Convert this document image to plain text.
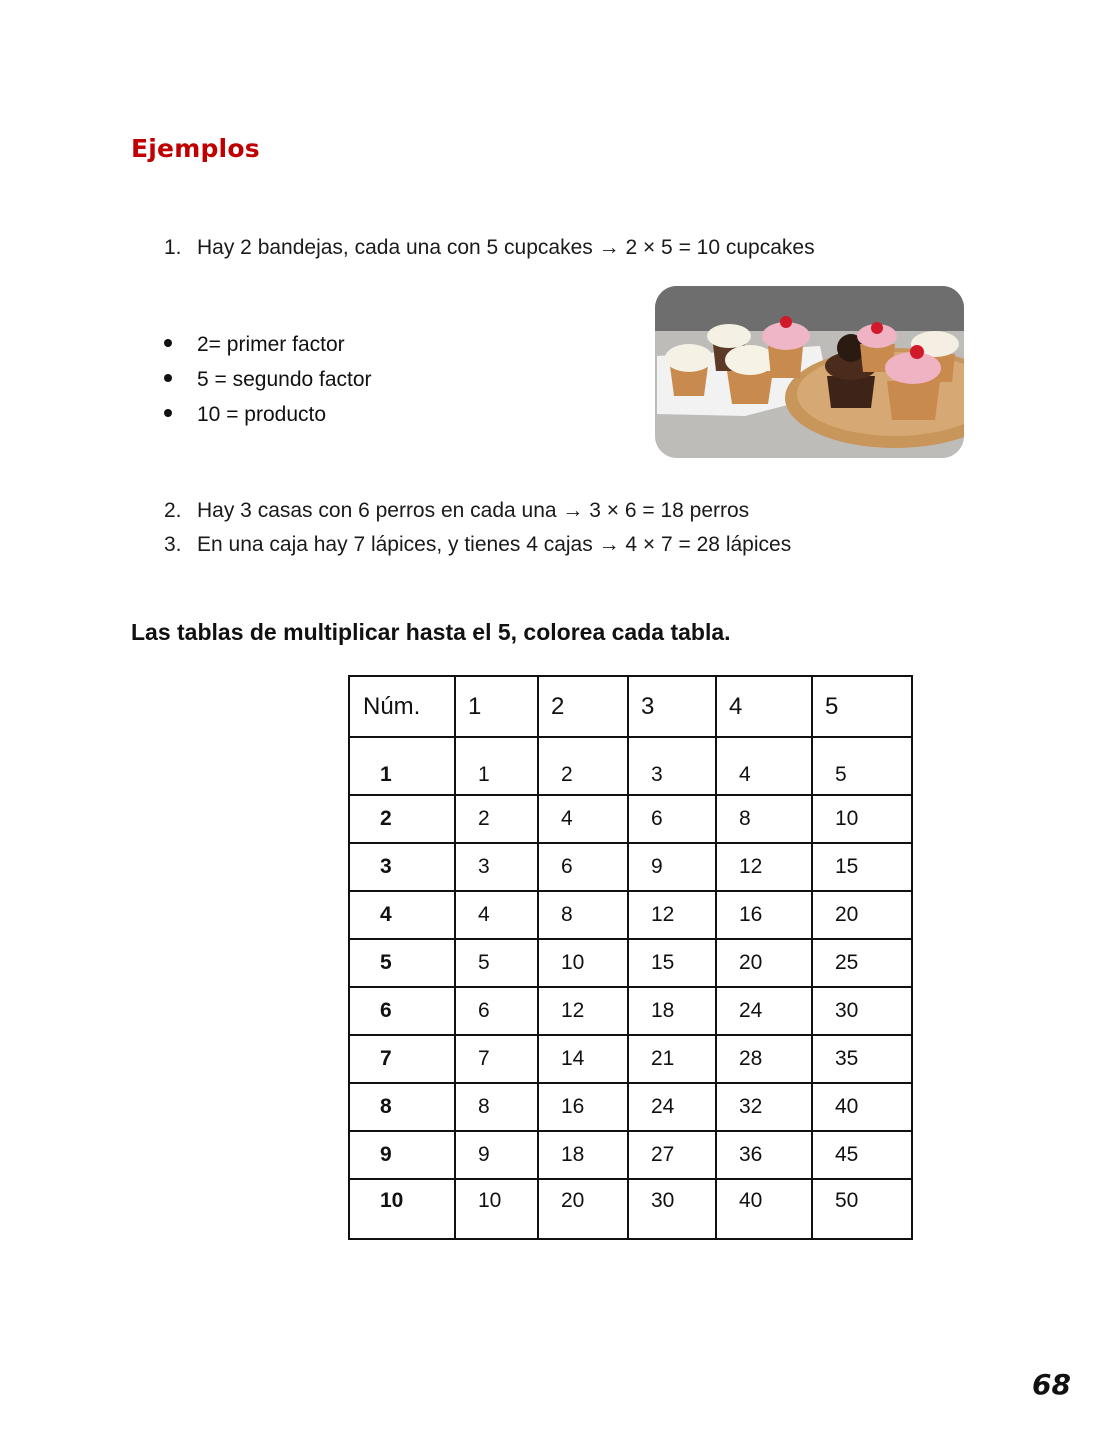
Ejemplos
1. Hay 2 bandejas, cada una con 5 cupcakes → 2 × 5 = 10 cupcakes
2= primer factor
5 = segundo factor
10 = producto
2. Hay 3 casas con 6 perros en cada una → 3 × 6 = 18 perros
3. En una caja hay 7 lápices, y tienes 4 cajas → 4 × 7 = 28 lápices
Las tablas de multiplicar hasta el 5, colorea cada tabla.
Núm.	1	2	3	4	5
1	1	2	3	4	5
2	2	4	6	8	10
3	3	6	9	12	15
4	4	8	12	16	20
5	5	10	15	20	25
6	6	12	18	24	30
7	7	14	21	28	35
8	8	16	24	32	40
9	9	18	27	36	45
10	10	20	30	40	50
68
